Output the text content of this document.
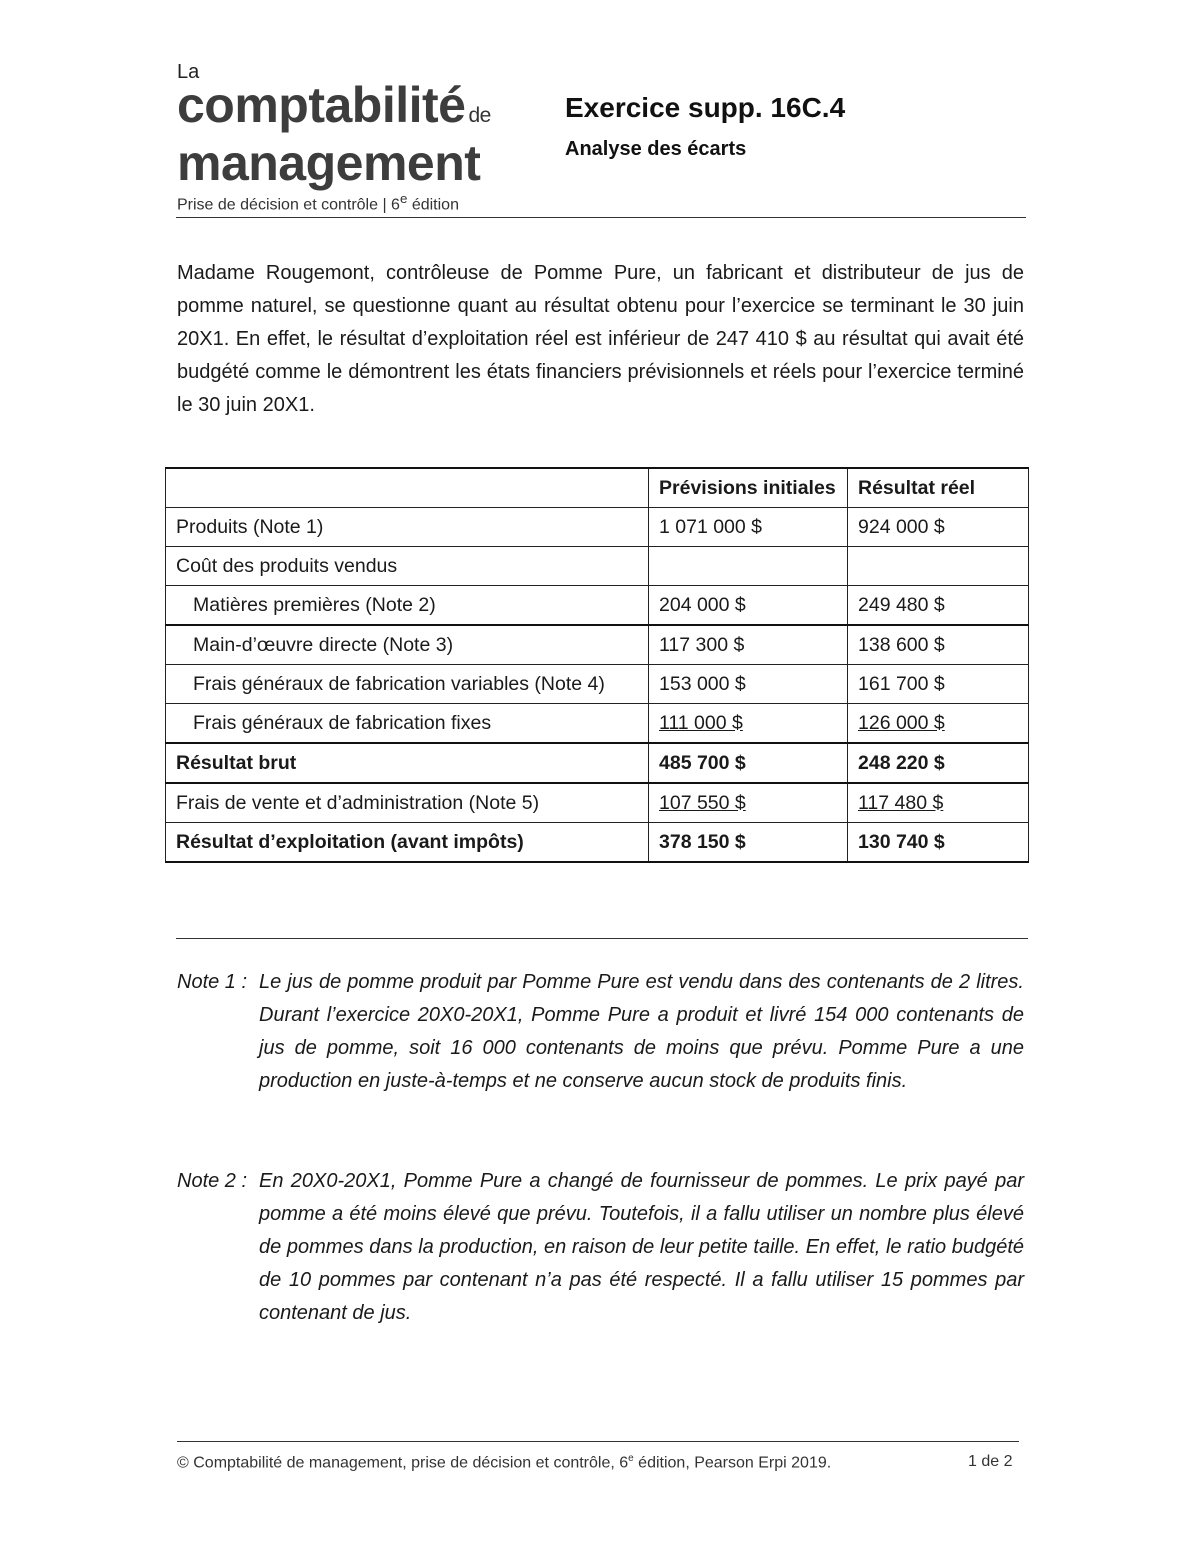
La
comptabilité de
management
Prise de décision et contrôle | 6e édition
Exercice supp. 16C.4
Analyse des écarts

Madame Rougemont, contrôleuse de Pomme Pure, un fabricant et distributeur de jus de pomme naturel, se questionne quant au résultat obtenu pour l’exercice se terminant le 30 juin 20X1. En effet, le résultat d’exploitation réel est inférieur de 247 410 $ au résultat qui avait été budgété comme le démontrent les états financiers prévisionnels et réels pour l’exercice terminé le 30 juin 20X1.

	Prévisions initiales	Résultat réel
Produits (Note 1)	1 071 000 $	924 000 $
Coût des produits vendus		
Matières premières (Note 2)	204 000 $	249 480 $
Main-d’œuvre directe (Note 3)	117 300 $	138 600 $
Frais généraux de fabrication variables (Note 4)	153 000 $	161 700 $
Frais généraux de fabrication fixes	111 000 $	126 000 $
Résultat brut	485 700 $	248 220 $
Frais de vente et d’administration (Note 5)	107 550 $	117 480 $
Résultat d’exploitation (avant impôts)	378 150 $	130 740 $
Note 1 : Le jus de pomme produit par Pomme Pure est vendu dans des contenants de 2 litres. Durant l’exercice 20X0-20X1, Pomme Pure a produit et livré 154 000 contenants de jus de pomme, soit 16 000 contenants de moins que prévu. Pomme Pure a une production en juste-à-temps et ne conserve aucun stock de produits finis.
Note 2 : En 20X0-20X1, Pomme Pure a changé de fournisseur de pommes. Le prix payé par pomme a été moins élevé que prévu. Toutefois, il a fallu utiliser un nombre plus élevé de pommes dans la production, en raison de leur petite taille. En effet, le ratio budgété de 10 pommes par contenant n’a pas été respecté. Il a fallu utiliser 15 pommes par contenant de jus.
© Comptabilité de management, prise de décision et contrôle, 6e édition, Pearson Erpi 2019.	1 de 2
